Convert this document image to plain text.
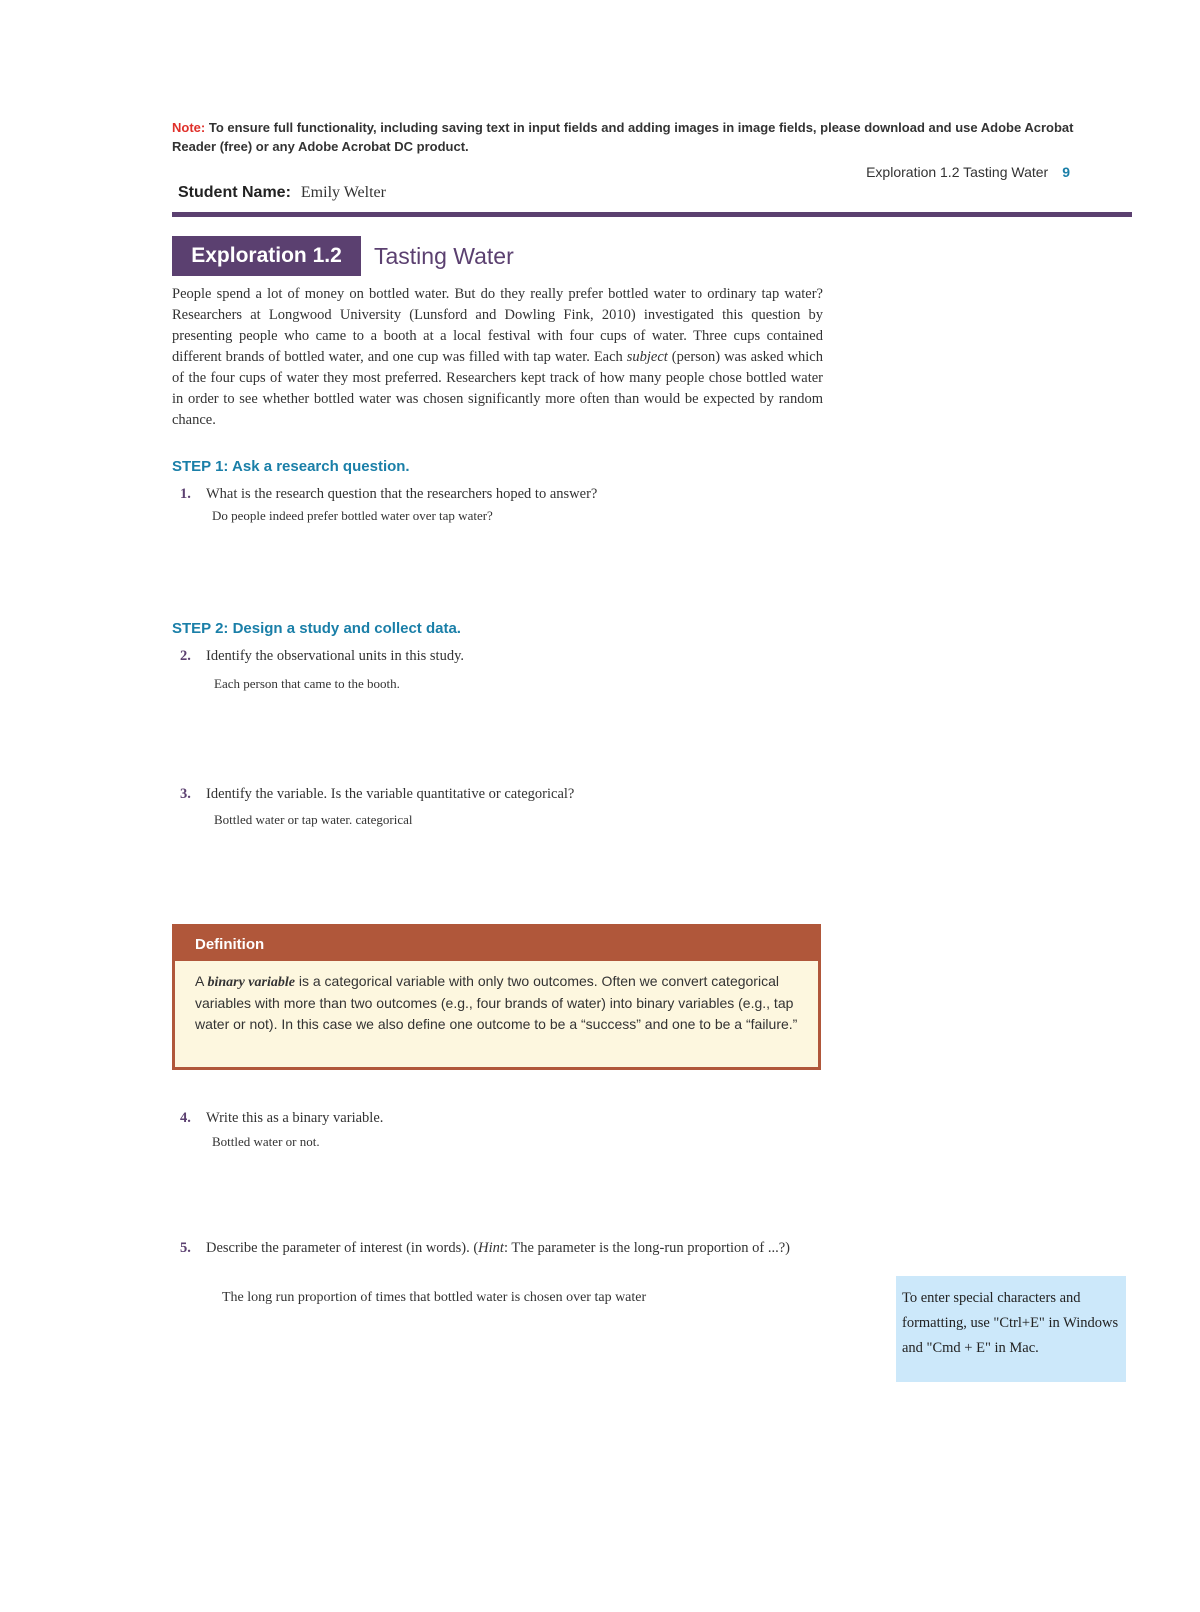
Note: To ensure full functionality, including saving text in input fields and adding images in image fields, please download and use Adobe Acrobat Reader (free) or any Adobe Acrobat DC product.
Exploration 1.2 Tasting Water 9
Student Name: Emily Welter
Exploration 1.2	Tasting Water
People spend a lot of money on bottled water. But do they really prefer bottled water to ordinary tap water? Researchers at Longwood University (Lunsford and Dowling Fink, 2010) investigated this question by presenting people who came to a booth at a local festival with four cups of water. Three cups contained different brands of bottled water, and one cup was filled with tap water. Each subject (person) was asked which of the four cups of water they most preferred. Researchers kept track of how many people chose bottled water in order to see whether bottled water was chosen significantly more often than would be expected by random chance.
STEP 1: Ask a research question.
1. What is the research question that the researchers hoped to answer?
Do people indeed prefer bottled water over tap water?
STEP 2: Design a study and collect data.
2. Identify the observational units in this study.
Each person that came to the booth.
3. Identify the variable. Is the variable quantitative or categorical?
Bottled water or tap water. categorical
Definition
A binary variable is a categorical variable with only two outcomes. Often we convert categorical variables with more than two outcomes (e.g., four brands of water) into binary variables (e.g., tap water or not). In this case we also define one outcome to be a “success” and one to be a “failure.”
4. Write this as a binary variable.
Bottled water or not.
5. Describe the parameter of interest (in words). (Hint: The parameter is the long-run proportion of ...?)
The long run proportion of times that bottled water is chosen over tap water	To enter special characters and formatting, use "Ctrl+E" in Windows and "Cmd + E" in Mac.
